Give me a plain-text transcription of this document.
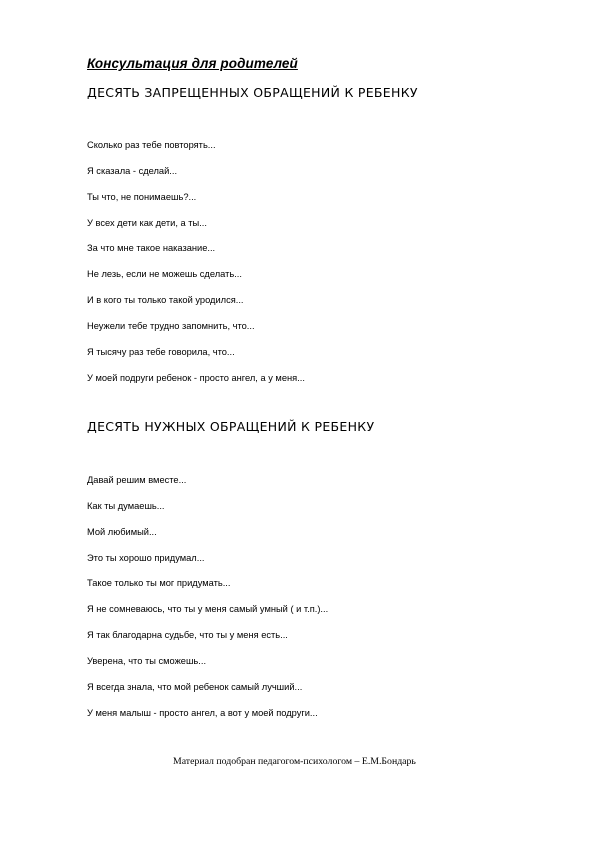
Консультация для родителей
ДЕСЯТЬ ЗАПРЕЩЕННЫХ ОБРАЩЕНИЙ К РЕБЕНКУ
Сколько раз тебе повторять...
Я сказала - сделай...
Ты что, не понимаешь?...
У всех дети как дети, а ты...
За что мне такое наказание...
Не лезь, если не можешь сделать...
И в кого ты только такой уродился...
Неужели тебе трудно запомнить, что...
Я тысячу раз тебе говорила, что...
У моей подруги ребенок - просто ангел, а у меня...
ДЕСЯТЬ НУЖНЫХ ОБРАЩЕНИЙ К РЕБЕНКУ
Давай решим вместе...
Как ты думаешь...
Мой любимый...
Это ты хорошо придумал...
Такое только ты мог придумать...
Я не сомневаюсь, что ты у меня самый умный ( и т.п.)...
Я так благодарна судьбе, что ты у меня есть...
Уверена, что ты сможешь...
Я всегда знала, что мой ребенок самый лучший...
У меня малыш - просто ангел, а вот у моей подруги...
Материал подобран педагогом-психологом – Е.М.Бондарь
